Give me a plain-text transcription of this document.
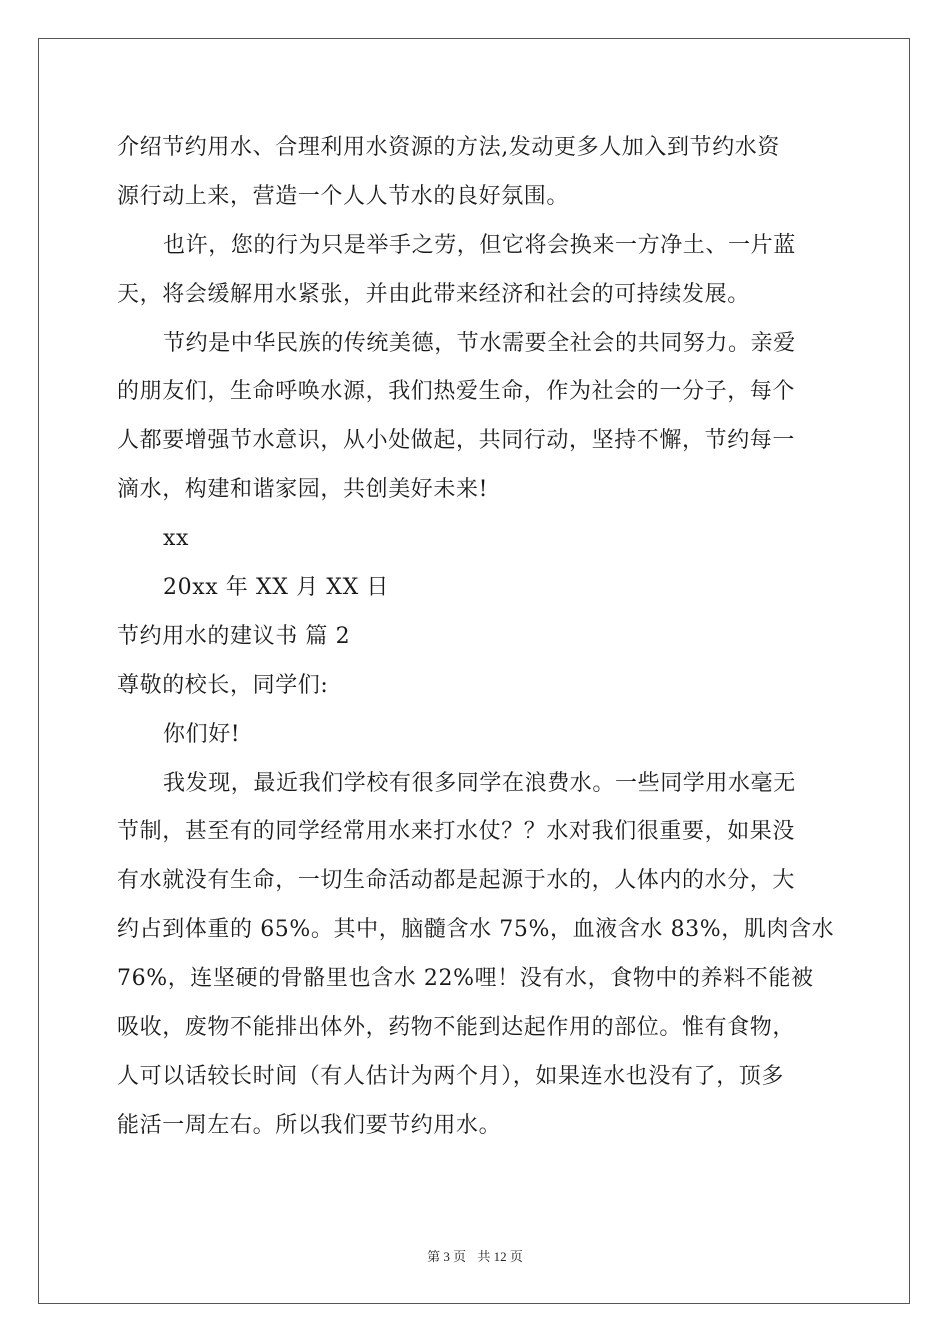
介绍节约用水、合理利用水资源的方法,发动更多人加入到节约水资
源行动上来，营造一个人人节水的良好氛围。
也许，您的行为只是举手之劳，但它将会换来一方净土、一片蓝
天，将会缓解用水紧张，并由此带来经济和社会的可持续发展。
节约是中华民族的传统美德，节水需要全社会的共同努力。亲爱
的朋友们，生命呼唤水源，我们热爱生命，作为社会的一分子，每个
人都要增强节水意识，从小处做起，共同行动，坚持不懈，节约每一
滴水，构建和谐家园，共创美好未来!
xx
20xx 年 XX 月 XX 日
节约用水的建议书 篇 2
尊敬的校长，同学们:
你们好!
我发现，最近我们学校有很多同学在浪费水。一些同学用水毫无
节制，甚至有的同学经常用水来打水仗？？水对我们很重要，如果没
有水就没有生命，一切生命活动都是起源于水的，人体内的水分，大
约占到体重的 65%。其中，脑髓含水 75%，血液含水 83%，肌肉含水
76%，连坚硬的骨骼里也含水 22%哩！没有水，食物中的养料不能被
吸收，废物不能排出体外，药物不能到达起作用的部位。惟有食物，
人可以话较长时间（有人估计为两个月），如果连水也没有了，顶多
能活一周左右。所以我们要节约用水。
第 3 页 共 12 页
